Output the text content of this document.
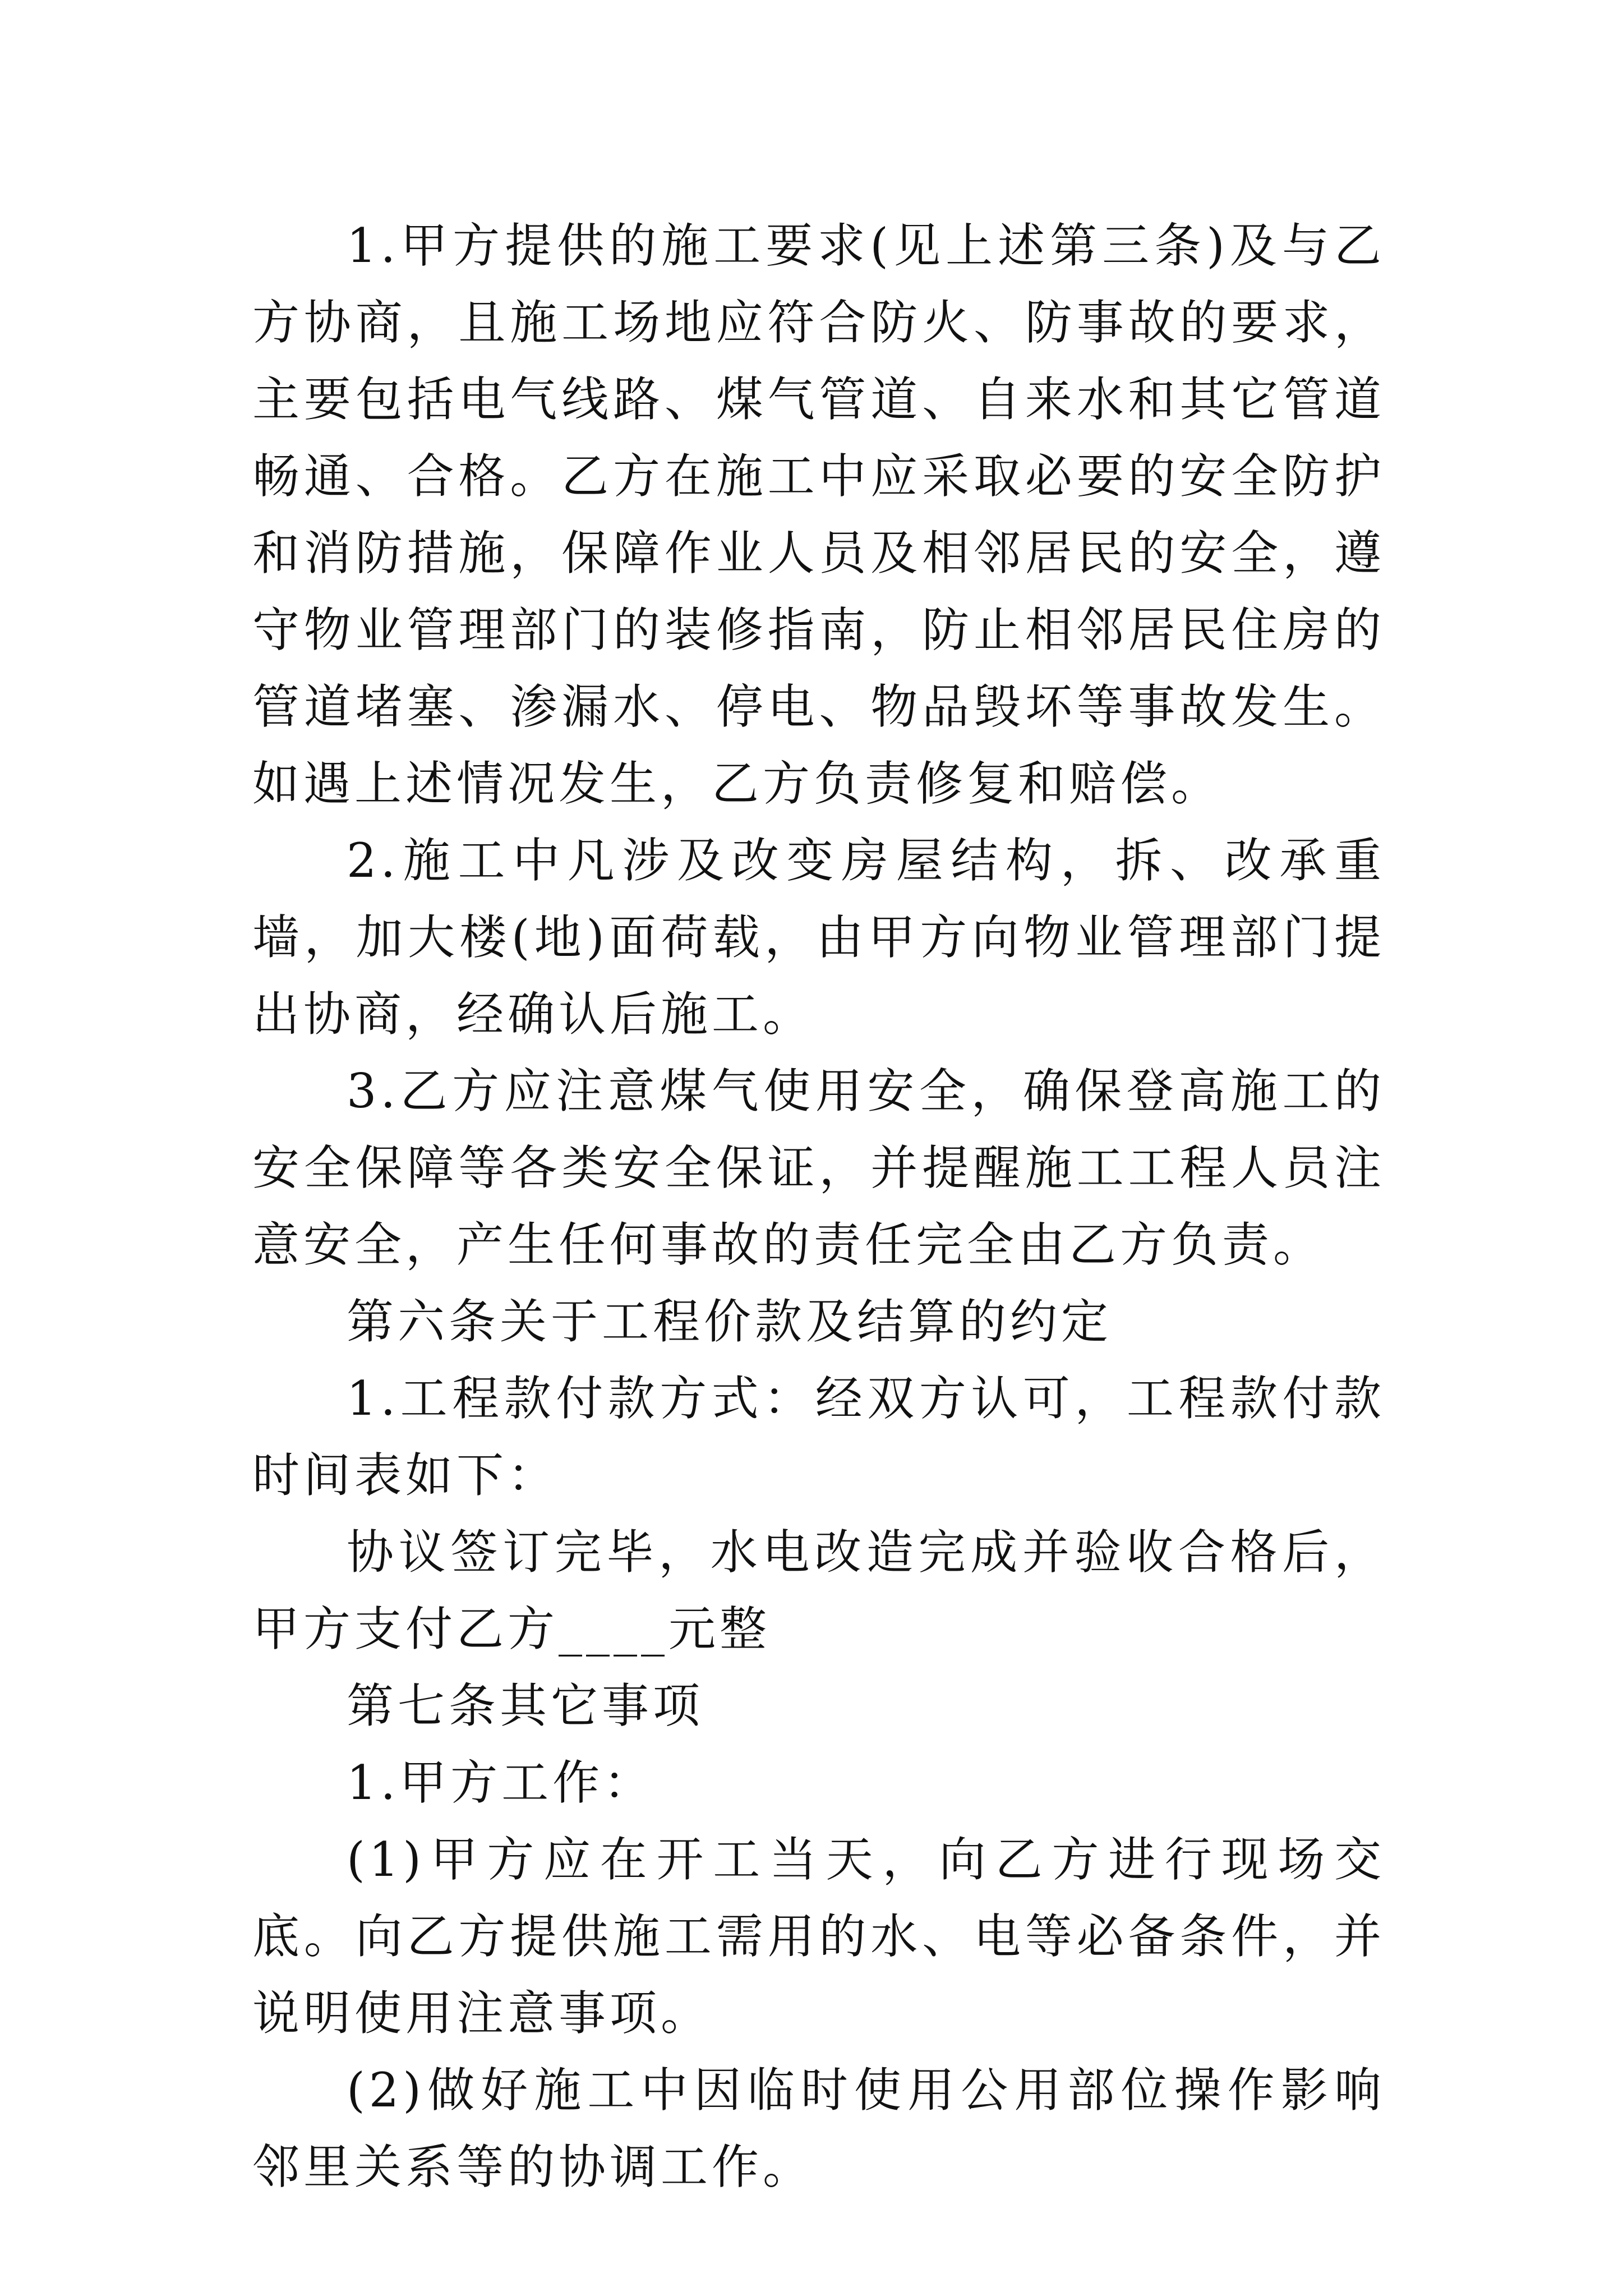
1.甲方提供的施工要求(见上述第三条)及与乙方协商，且施工场地应符合防火、防事故的要求，主要包括电气线路、煤气管道、自来水和其它管道畅通、合格。乙方在施工中应采取必要的安全防护和消防措施，保障作业人员及相邻居民的安全，遵守物业管理部门的装修指南，防止相邻居民住房的管道堵塞、渗漏水、停电、物品毁坏等事故发生。如遇上述情况发生，乙方负责修复和赔偿。

2.施工中凡涉及改变房屋结构，拆、改承重墙，加大楼(地)面荷载，由甲方向物业管理部门提出协商，经确认后施工。

3.乙方应注意煤气使用安全，确保登高施工的安全保障等各类安全保证，并提醒施工工程人员注意安全，产生任何事故的责任完全由乙方负责。

第六条关于工程价款及结算的约定

1.工程款付款方式：经双方认可，工程款付款时间表如下：

协议签订完毕，水电改造完成并验收合格后，甲方支付乙方____元整

第七条其它事项

1.甲方工作：

(1)甲方应在开工当天，向乙方进行现场交底。向乙方提供施工需用的水、电等必备条件，并说明使用注意事项。

(2)做好施工中因临时使用公用部位操作影响邻里关系等的协调工作。
